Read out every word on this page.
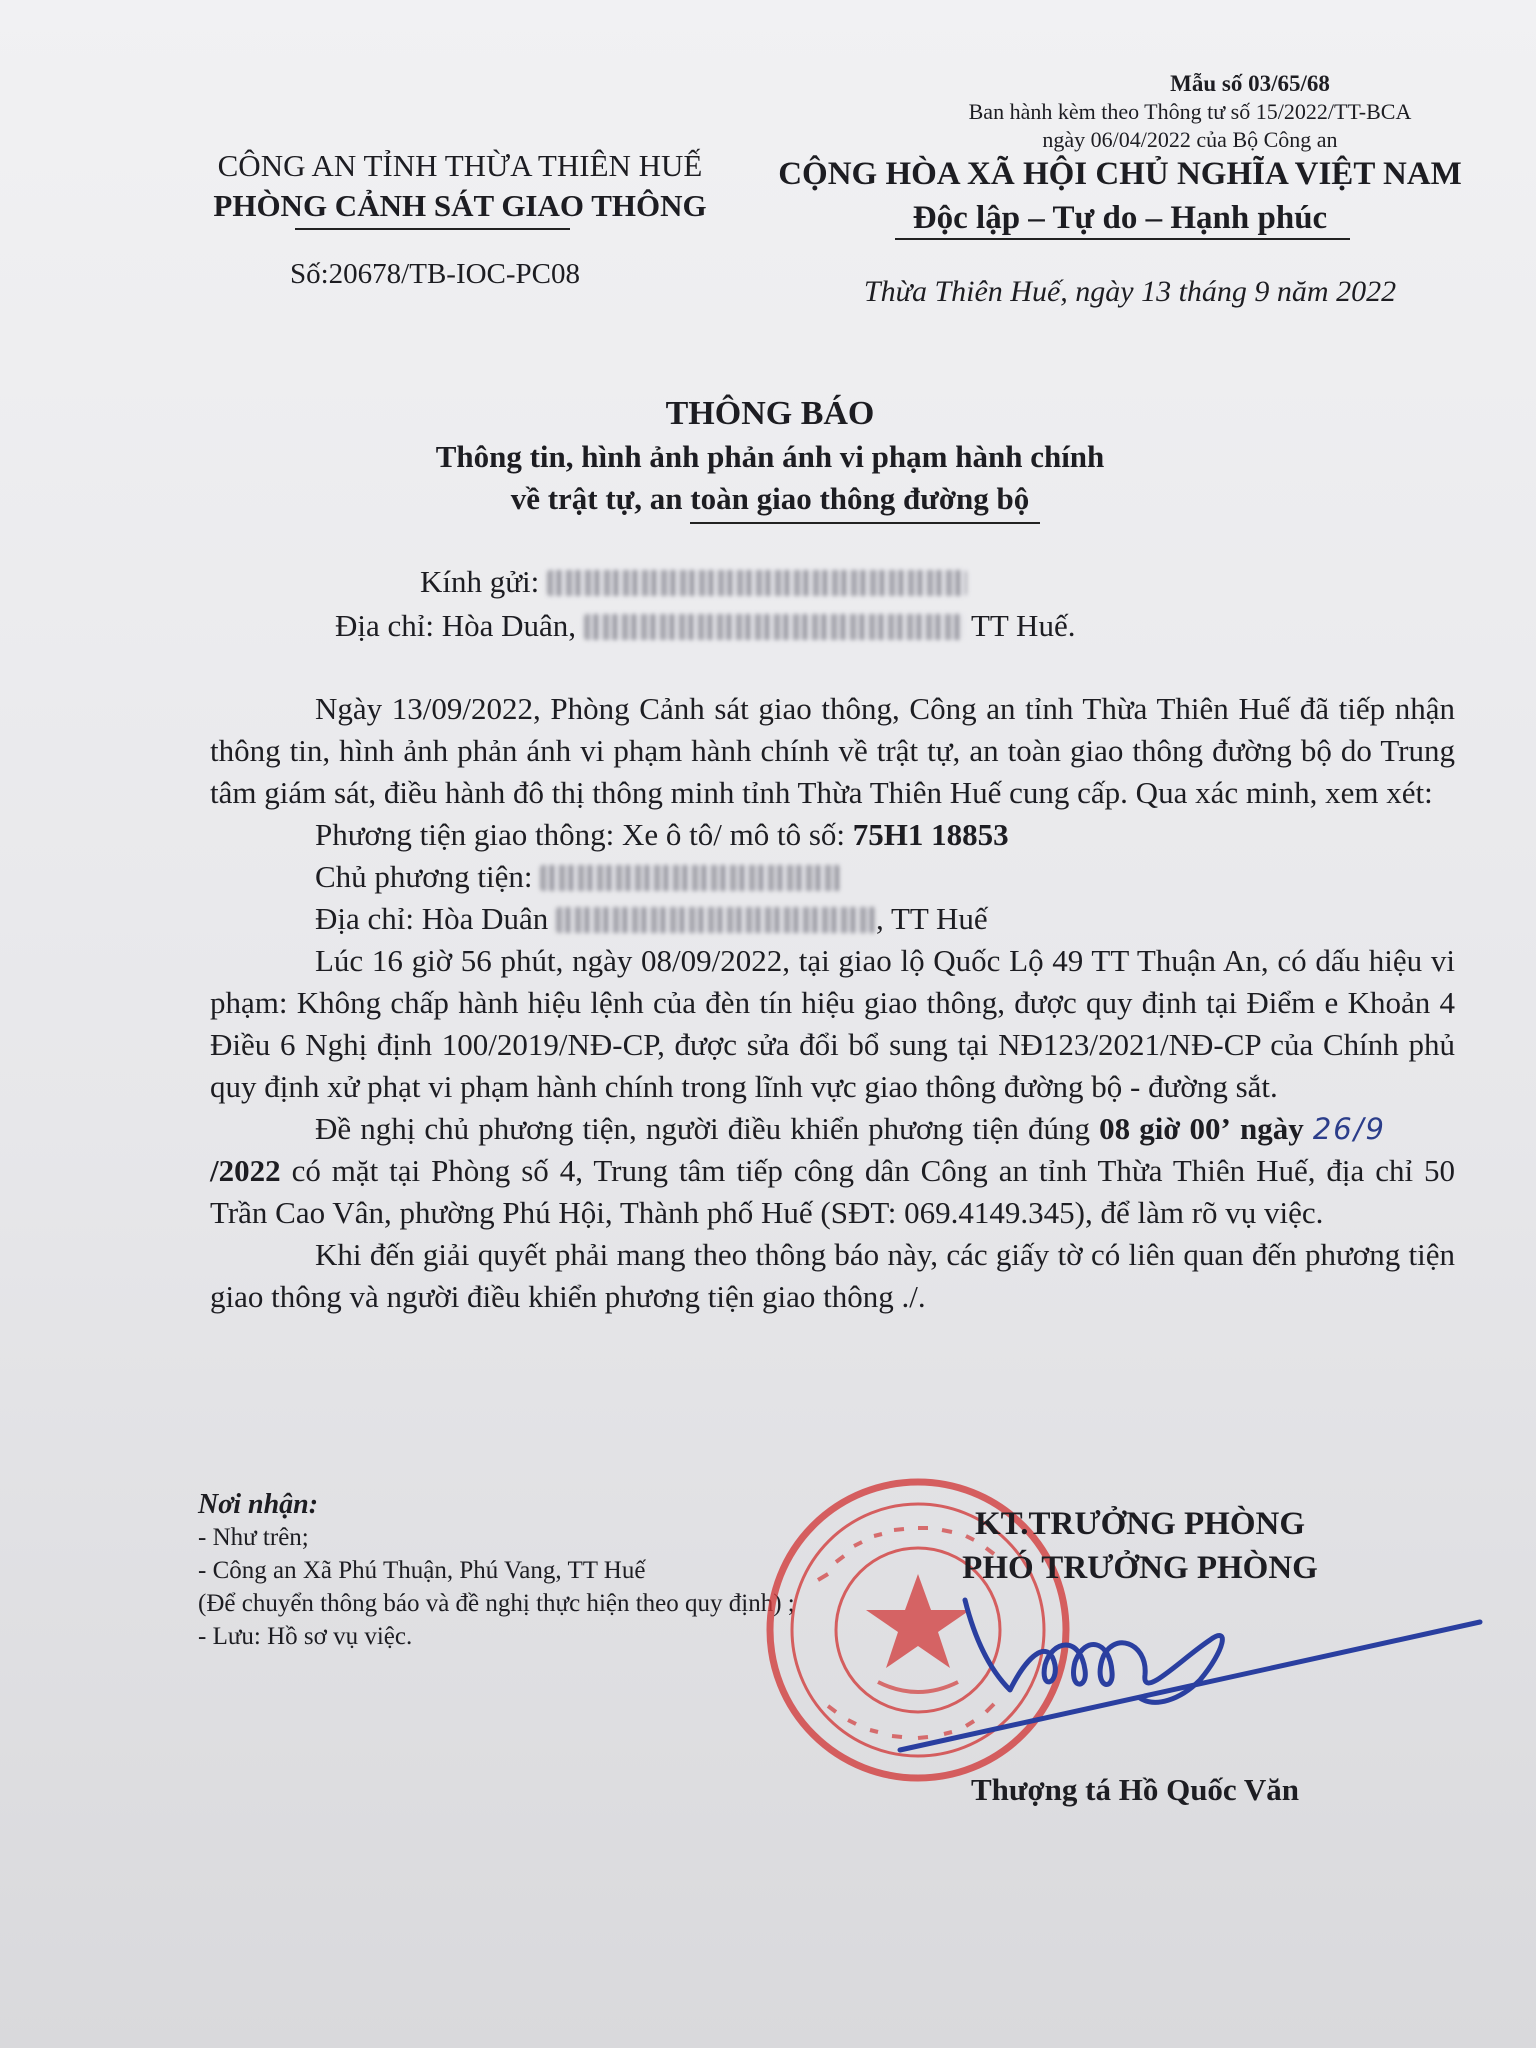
Mẫu số 03/65/68
Ban hành kèm theo Thông tư số 15/2022/TT-BCA
ngày 06/04/2022 của Bộ Công an
CÔNG AN TỈNH THỪA THIÊN HUẾ
PHÒNG CẢNH SÁT GIAO THÔNG
Số:20678/TB-IOC-PC08
CỘNG HÒA XÃ HỘI CHỦ NGHĨA VIỆT NAM
Độc lập – Tự do – Hạnh phúc
Thừa Thiên Huế, ngày 13 tháng 9 năm 2022
THÔNG BÁO
Thông tin, hình ảnh phản ánh vi phạm hành chính
về trật tự, an toàn giao thông đường bộ
Kính gửi:
Địa chỉ: Hòa Duân,	TT Huế.

Ngày 13/09/2022, Phòng Cảnh sát giao thông, Công an tỉnh Thừa Thiên Huế đã tiếp nhận thông tin, hình ảnh phản ánh vi phạm hành chính về trật tự, an toàn giao thông đường bộ do Trung tâm giám sát, điều hành đô thị thông minh tỉnh Thừa Thiên Huế cung cấp. Qua xác minh, xem xét:

Phương tiện giao thông: Xe ô tô/ mô tô số: 75H1 18853

Chủ phương tiện:

Địa chỉ: Hòa Duân	, TT Huế

Lúc 16 giờ 56 phút, ngày 08/09/2022, tại giao lộ Quốc Lộ 49 TT Thuận An, có dấu hiệu vi phạm: Không chấp hành hiệu lệnh của đèn tín hiệu giao thông, được quy định tại Điểm e Khoản 4 Điều 6 Nghị định 100/2019/NĐ-CP, được sửa đổi bổ sung tại NĐ123/2021/NĐ-CP của Chính phủ quy định xử phạt vi phạm hành chính trong lĩnh vực giao thông đường bộ - đường sắt.

Đề nghị chủ phương tiện, người điều khiển phương tiện đúng 08 giờ 00’ ngày 26/9 /2022 có mặt tại Phòng số 4, Trung tâm tiếp công dân Công an tỉnh Thừa Thiên Huế, địa chỉ 50 Trần Cao Vân, phường Phú Hội, Thành phố Huế (SĐT: 069.4149.345), để làm rõ vụ việc.

Khi đến giải quyết phải mang theo thông báo này, các giấy tờ có liên quan đến phương tiện giao thông và người điều khiển phương tiện giao thông ./.

Nơi nhận:
- Như trên;
- Công an Xã Phú Thuận, Phú Vang, TT Huế
(Để chuyển thông báo và đề nghị thực hiện theo quy định) ;
- Lưu: Hồ sơ vụ việc.
KT.TRƯỞNG PHÒNG
PHÓ TRƯỞNG PHÒNG
Thượng tá Hồ Quốc Văn
